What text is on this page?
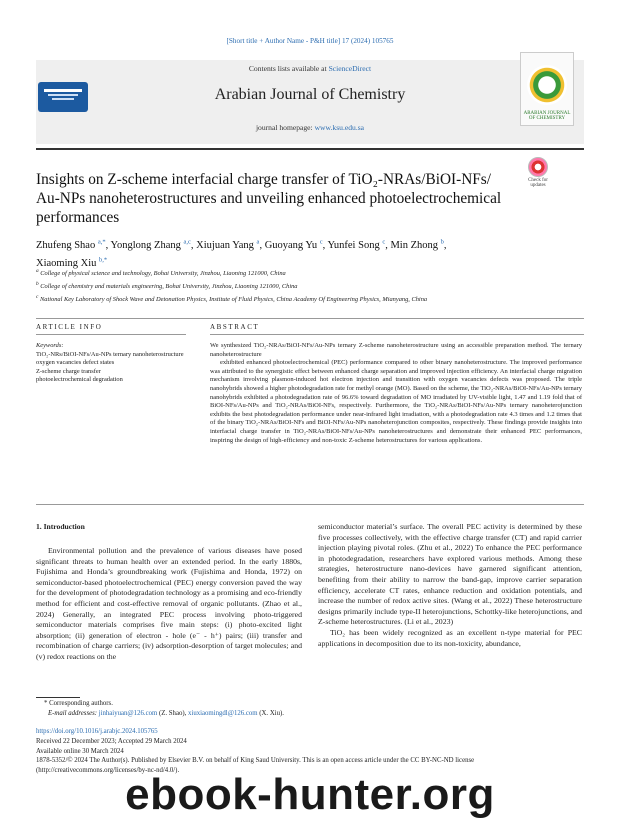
[Short title + Author Name - P&H title] 17 (2024) 105765
Contents lists available at ScienceDirect
Arabian Journal of Chemistry
journal homepage: www.ksu.edu.sa
ARABIAN JOURNAL OF CHEMISTRY
Insights on Z-scheme interfacial charge transfer of TiO₂-NRAs/BiOI-NFs/ Au-NPs nanoheterostructures and unveiling enhanced photoelectrochemical performances
Check for updates
Zhufeng Shao $^{a,*}$, Yonglong Zhang $^{a,c}$, Xiujuan Yang $^a$, Guoyang Yu $^c$, Yunfei Song $^c$, Min Zhong $^b$,
Xiaoming Xiu $^{b,*}$
$^a$ College of physical science and technology, Bohai University, Jinzhou, Liaoning 121000, China
$^b$ College of chemistry and materials engineering, Bohai University, Jinzhou, Liaoning 121000, China
$^c$ National Key Laboratory of Shock Wave and Detonation Physics, Institute of Fluid Physics, China Academy Of Engineering Physics, Mianyang, China
ARTICLE INFO	ABSTRACT
Keywords:
TiO₂-NRs/BiOI-NFs/Au-NPs ternary nanoheterostructure
oxygen vacancies defect states
Z-scheme charge transfer
photoelectrochemical degradation

We synthesized TiO₂-NRAs/BiOI-NFs/Au-NPs ternary Z-scheme nanoheterostructure using an accessible preparation method. The ternary nanoheterostructure

exhibited enhanced photoelectrochemical (PEC) performance compared to other binary nanoheterostructure. The improved performance was attributed to the synergistic effect between enhanced charge separation and improved injection efficiency. An interfacial charge migration mechanism involving plasmon-induced hot electron injection and transition with oxygen vacancies defects was proposed. The triple nanohybrids showed a higher photodegradation rate for methyl orange (MO). Based on the scheme, the TiO₂-NRAs/BiOI-NFs/Au-NPs ternary nanohybrids exhibited a photodegradation rate of 96.6% toward degradation of MO irradiated by UV-visible light, 1.47 and 1.19 fold that of BiOI-NFs/Au-NPs and TiO₂-NRAs/BiOI-NFs, respectively. Furthermore, the TiO₂-NRAs/BiOI-NFs/Au-NPs ternary nanoheterojunction exhibits the best photodegradation performance under near-infrared light irradiation, with a photodegradation rate 4.3 times and 1.2 times that of the binary TiO₂-NRAs/BiOI-NFs and BiOI-NFs/Au-NPs nanoheterojunction composites, respectively. These findings provide insights into interfacial charge transfer in TiO₂-NRAs/BiOI-NFs/Au-NPs nanoheterostructures and demonstrate their enhanced PEC performances, inspiring the design of high-efficiency and non-toxic Z-scheme heterostructures for various applications.

1. Introduction

Environmental pollution and the prevalence of various diseases have posed significant threats to human health over an extended period. In the early 1880s, Fujishima and Honda’s groundbreaking work (Fujishima and Honda, 1972) on semiconductor-based photoelectrochemical (PEC) energy conversion paved the way for the development of photodegradation technology as a promising and eco-friendly method for efficient and cost-effective removal of organic pollutants. (Zhao et al., 2024) Generally, an integrated PEC process involving photo-triggered semiconductor materials comprises five main steps: (i) photo-excited light absorption; (ii) generation of electron - hole (e⁻ - h⁺) pairs; (iii) transfer and recombination of charge carriers; (iv) adsorption-desorption of target molecules; and (v) redox reactions on the

semiconductor material’s surface. The overall PEC activity is determined by these five processes collectively, with the effective charge transfer (CT) and rapid carrier injection playing pivotal roles. (Zhu et al., 2022) To enhance the PEC performance in photodegradation, researchers have explored various methods. Among these strategies, heterostructure nano-devices have garnered significant attention, benefiting from their ability to narrow the band-gap, improve carrier separation efficiency, accelerate CT rates, enhance reduction and oxidation potentials, and increase the number of redox active sites. (Wang et al., 2022) These heterostructure designs primarily include type-II heterojunctions, Schottky-like heterojunctions, and Z-scheme heterostructures. (Li et al., 2023)

TiO₂ has been widely recognized as an excellent n-type material for PEC applications in decomposition due to its non-toxicity, abundance,

* Corresponding authors.
E-mail addresses: jinhaiyuan@126.com (Z. Shao), xiuxiaomingdl@126.com (X. Xiu).
https://doi.org/10.1016/j.arabjc.2024.105765
Received 22 December 2023; Accepted 29 March 2024
Available online 30 March 2024
1878-5352/© 2024 The Author(s). Published by Elsevier B.V. on behalf of King Saud University. This is an open access article under the CC BY-NC-ND license (http://creativecommons.org/licenses/by-nc-nd/4.0/).
ebook-hunter.org
